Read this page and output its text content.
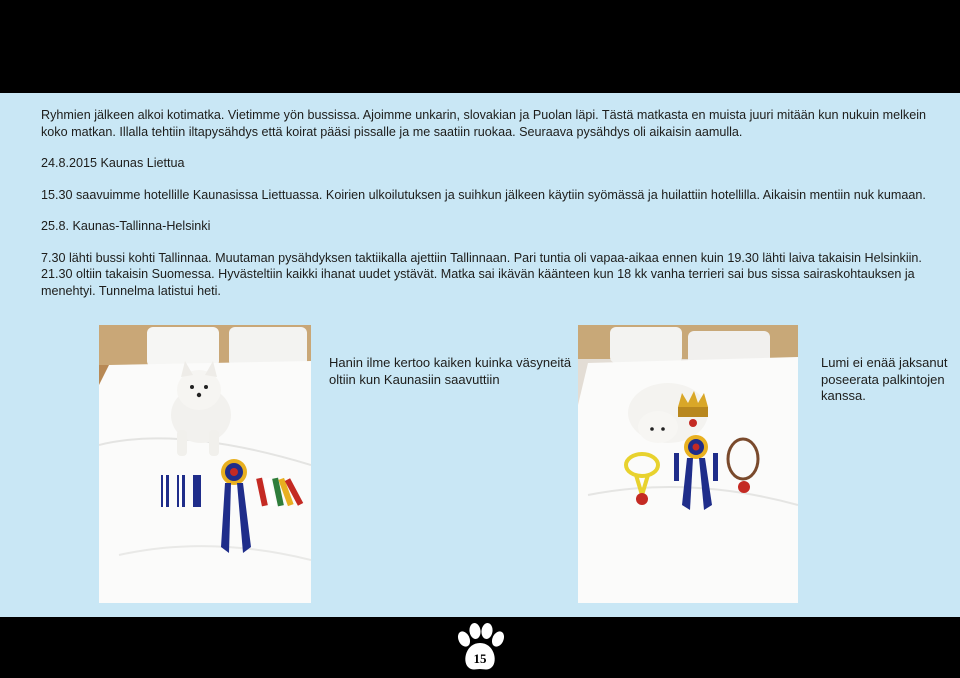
Ryhmien jälkeen alkoi kotimatka. Vietimme yön bussissa. Ajoimme unkarin, slovakian ja Puolan läpi. Tästä matkasta en muista juuri mitään kun nukuin melkein koko matkan. Illalla tehtiin iltapysähdys että koirat pääsi pissalle ja me saatiin ruokaa. Seuraava pysähdys oli aikaisin aamulla.

24.8.2015 Kaunas Liettua

15.30 saavuimme hotellille Kaunasissa Liettuassa. Koirien ulkoilutuksen ja suihkun jälkeen käytiin syömässä ja huilattiin hotellilla. Aikaisin mentiin nuk kumaan.

25.8. Kaunas-Tallinna-Helsinki

7.30 lähti bussi kohti Tallinnaa. Muutaman pysähdyksen taktiikalla ajettiin Tallinnaan. Pari tuntia oli vapaa-aikaa ennen kuin 19.30 lähti laiva takaisin Helsinkiin. 21.30 oltiin takaisin Suomessa. Hyvästeltiin kaikki ihanat uudet ystävät. Matka sai ikävän käänteen kun 18 kk vanha terrieri sai bus sissa sairaskohtauksen ja menehtyi. Tunnelma latistui heti.

Hanin ilme kertoo kaiken kuinka väsyneitä oltiin kun Kaunasiin saavuttiin
Lumi ei enää jaksanut poseerata palkintojen kanssa.
15
